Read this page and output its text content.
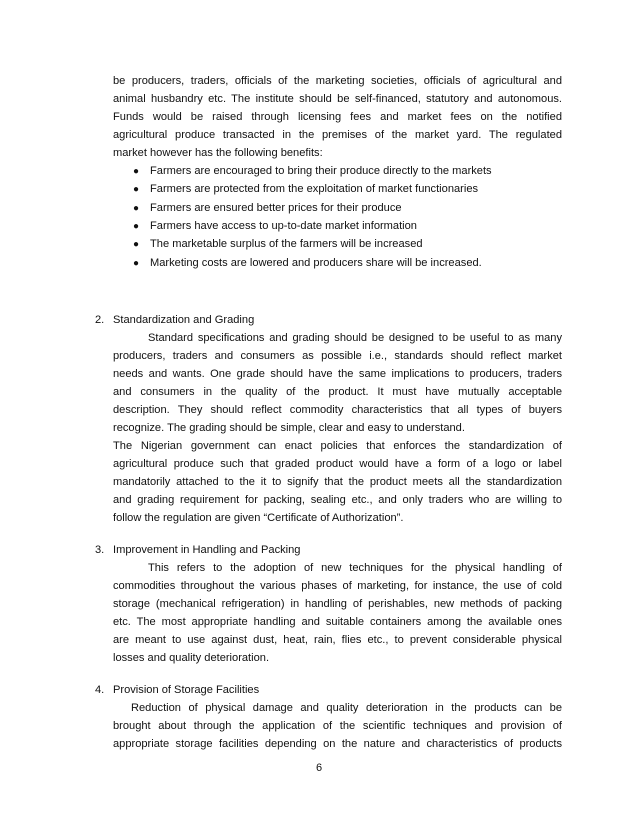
be producers, traders, officials of the marketing societies, officials of agricultural and
animal husbandry etc. The institute should be self-financed, statutory and autonomous.
Funds would be raised through licensing fees and market fees on the notified
agricultural produce transacted in the premises of the market yard. The regulated
market however has the following benefits:
● Farmers are encouraged to bring their produce directly to the markets
● Farmers are protected from the exploitation of market functionaries
● Farmers are ensured better prices for their produce
● Farmers have access to up-to-date market information
● The marketable surplus of the farmers will be increased
● Marketing costs are lowered and producers share will be increased.
2. Standardization and Grading
Standard specifications and grading should be designed to be useful to as many
producers, traders and consumers as possible i.e., standards should reflect market
needs and wants. One grade should have the same implications to producers, traders
and consumers in the quality of the product. It must have mutually acceptable
description. They should reflect commodity characteristics that all types of buyers
recognize. The grading should be simple, clear and easy to understand.
The Nigerian government can enact policies that enforces the standardization of
agricultural produce such that graded product would have a form of a logo or label
mandatorily attached to the it to signify that the product meets all the standardization
and grading requirement for packing, sealing etc., and only traders who are willing to
follow the regulation are given “Certificate of Authorization”.
3. Improvement in Handling and Packing
This refers to the adoption of new techniques for the physical handling of
commodities throughout the various phases of marketing, for instance, the use of cold
storage (mechanical refrigeration) in handling of perishables, new methods of packing
etc. The most appropriate handling and suitable containers among the available ones
are meant to use against dust, heat, rain, flies etc., to prevent considerable physical
losses and quality deterioration.
4. Provision of Storage Facilities
Reduction of physical damage and quality deterioration in the products can be
brought about through the application of the scientific techniques and provision of
appropriate storage facilities depending on the nature and characteristics of products
6
